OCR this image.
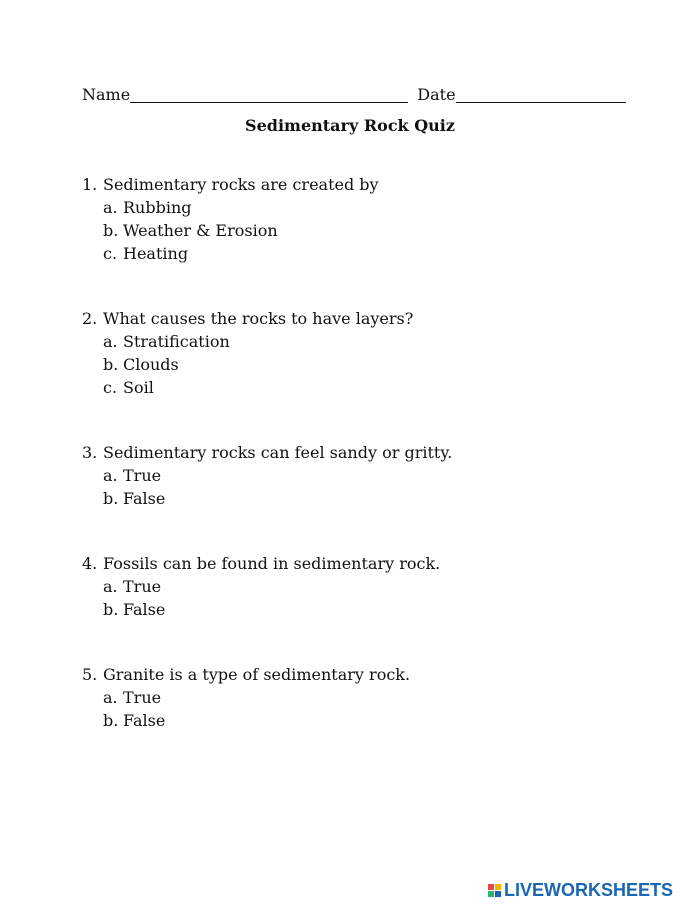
Name	Date
Sedimentary Rock Quiz
1. Sedimentary rocks are created by
a. Rubbing
b. Weather & Erosion
c. Heating
2. What causes the rocks to have layers?
a. Stratification
b. Clouds
c. Soil
3. Sedimentary rocks can feel sandy or gritty.
a. True
b. False
4. Fossils can be found in sedimentary rock.
a. True
b. False
5. Granite is a type of sedimentary rock.
a. True
b. False
LIVEWORKSHEETS
